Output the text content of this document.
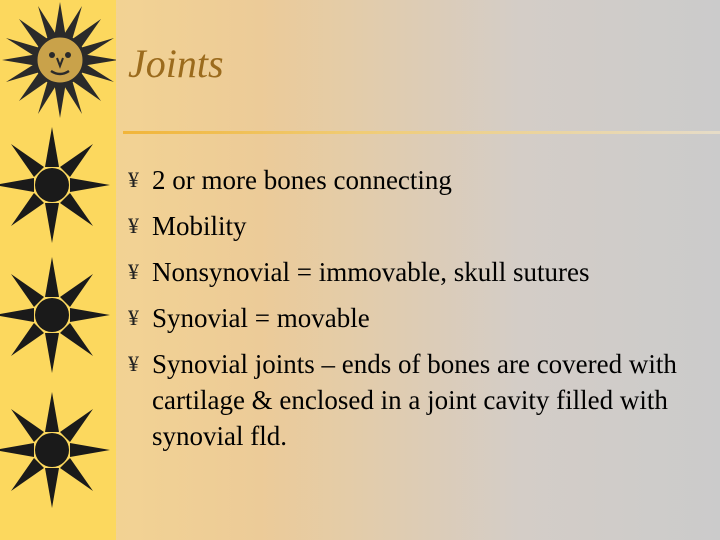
Joints
¥ 2 or more bones connecting
¥ Mobility
¥ Nonsynovial = immovable, skull sutures
¥ Synovial = movable
¥ Synovial joints – ends of bones are covered with cartilage & enclosed in a joint cavity filled with synovial fld.
